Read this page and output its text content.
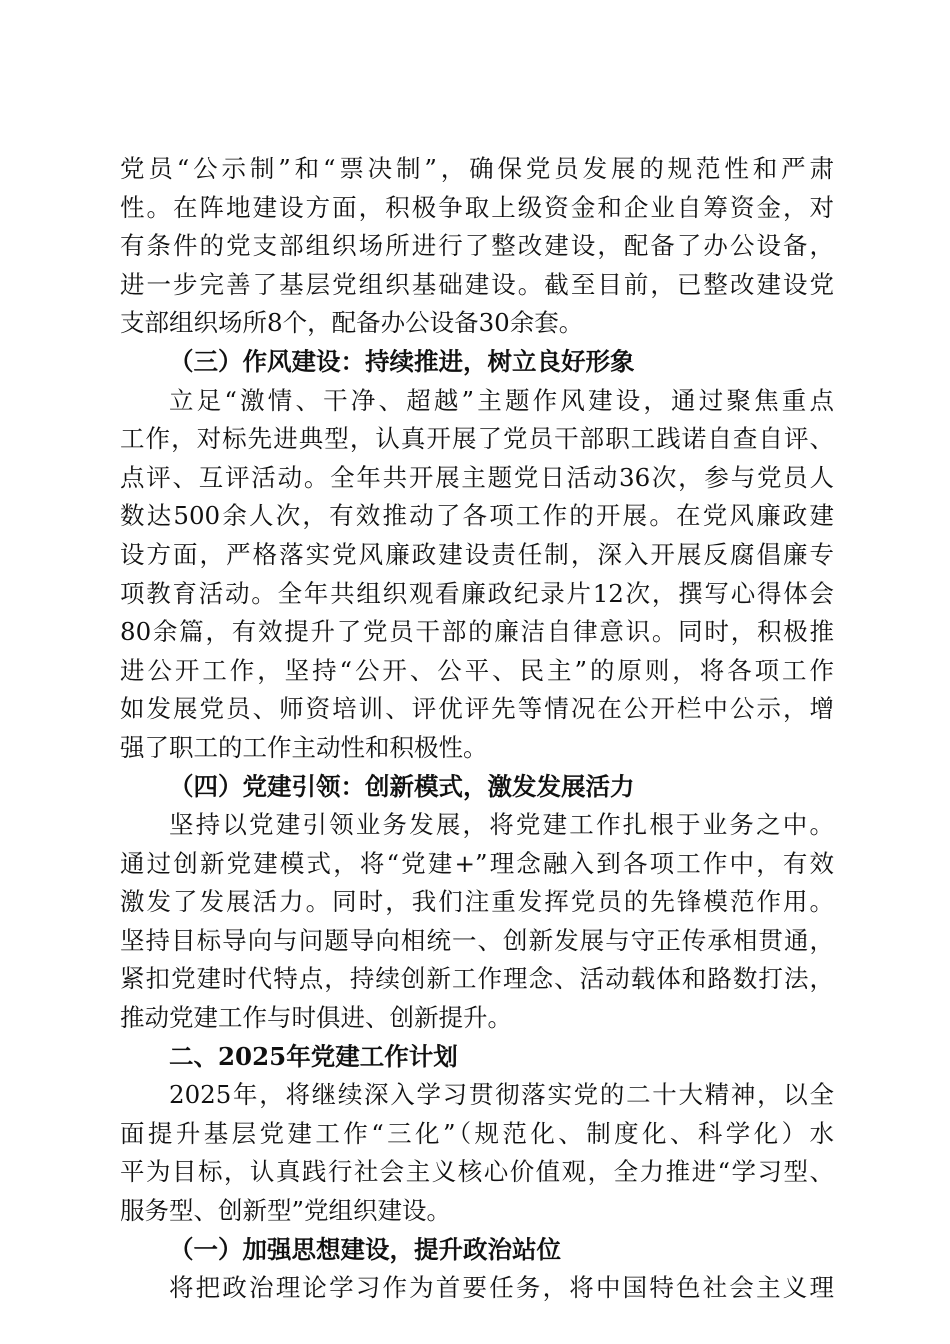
党员“公示制”和“票决制”，确保党员发展的规范性和严肃
性。在阵地建设方面，积极争取上级资金和企业自筹资金，对
有条件的党支部组织场所进行了整改建设，配备了办公设备，
进一步完善了基层党组织基础建设。截至目前，已整改建设党
支部组织场所8个，配备办公设备30余套。
（三）作风建设：持续推进，树立良好形象
立足“激情、干净、超越”主题作风建设，通过聚焦重点
工作，对标先进典型，认真开展了党员干部职工践诺自查自评、
点评、互评活动。全年共开展主题党日活动36次，参与党员人
数达500余人次，有效推动了各项工作的开展。在党风廉政建
设方面，严格落实党风廉政建设责任制，深入开展反腐倡廉专
项教育活动。全年共组织观看廉政纪录片12次，撰写心得体会
80余篇，有效提升了党员干部的廉洁自律意识。同时，积极推
进公开工作，坚持“公开、公平、民主”的原则，将各项工作
如发展党员、师资培训、评优评先等情况在公开栏中公示，增
强了职工的工作主动性和积极性。
（四）党建引领：创新模式，激发发展活力
坚持以党建引领业务发展，将党建工作扎根于业务之中。
通过创新党建模式，将“党建+”理念融入到各项工作中，有效
激发了发展活力。同时，我们注重发挥党员的先锋模范作用。
坚持目标导向与问题导向相统一、创新发展与守正传承相贯通，
紧扣党建时代特点，持续创新工作理念、活动载体和路数打法，
推动党建工作与时俱进、创新提升。
二、2025年党建工作计划
2025年，将继续深入学习贯彻落实党的二十大精神，以全
面提升基层党建工作“三化”（规范化、制度化、科学化）水
平为目标，认真践行社会主义核心价值观，全力推进“学习型、
服务型、创新型”党组织建设。
（一）加强思想建设，提升政治站位
将把政治理论学习作为首要任务，将中国特色社会主义理
